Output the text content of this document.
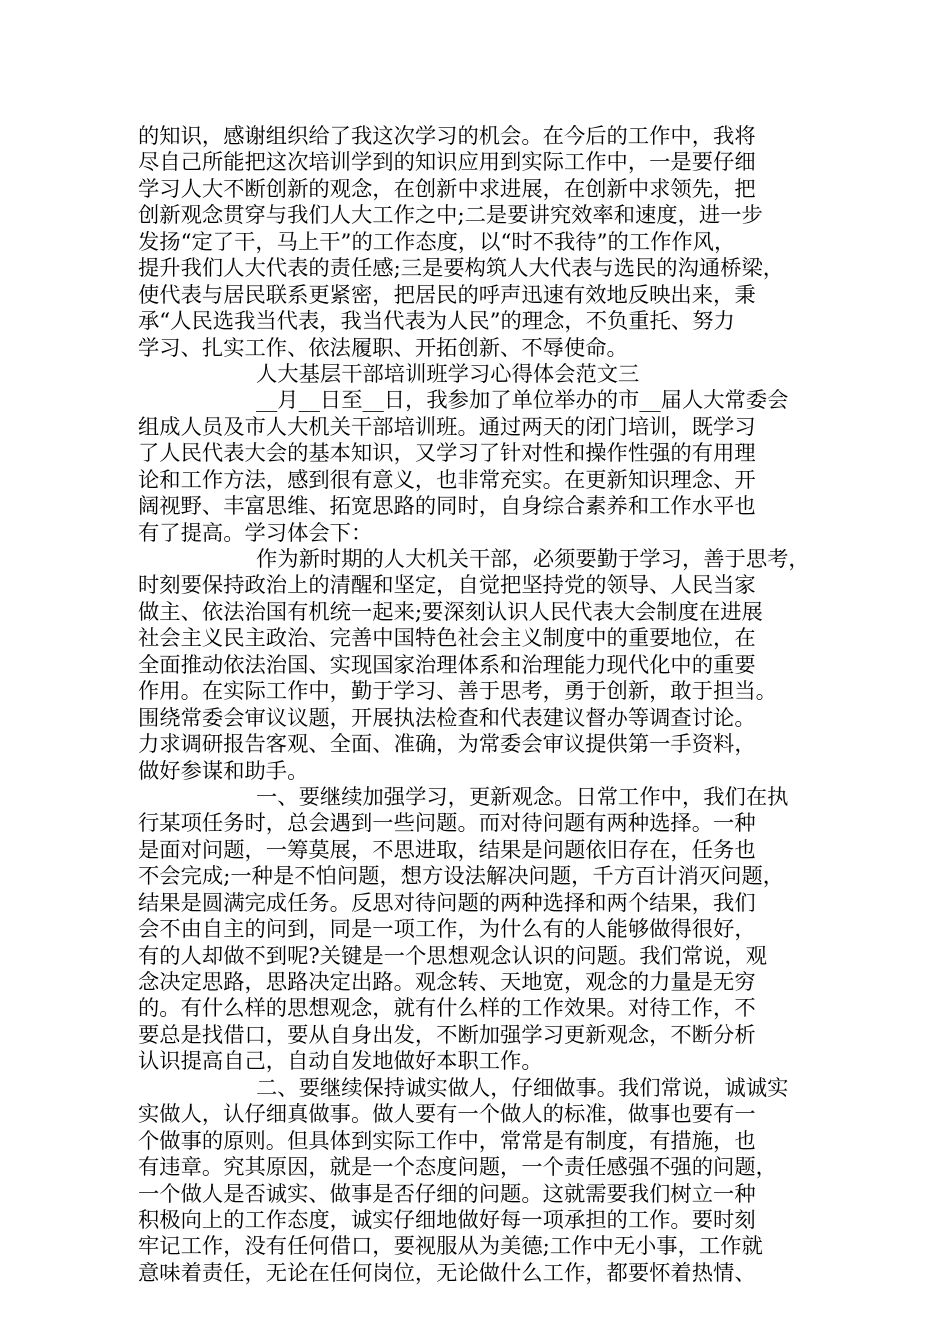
的知识，感谢组织给了我这次学习的机会。在今后的工作中，我将
尽自己所能把这次培训学到的知识应用到实际工作中，一是要仔细
学习人大不断创新的观念，在创新中求进展，在创新中求领先，把
创新观念贯穿与我们人大工作之中;二是要讲究效率和速度，进一步
发扬“定了干，马上干”的工作态度，以“时不我待”的工作作风，
提升我们人大代表的责任感;三是要构筑人大代表与选民的沟通桥梁，
使代表与居民联系更紧密，把居民的呼声迅速有效地反映出来，秉
承“人民选我当代表，我当代表为人民”的理念，不负重托、努力
学习、扎实工作、依法履职、开拓创新、不辱使命。
人大基层干部培训班学习心得体会范文三
__月__日至__日，我参加了单位举办的市__届人大常委会
组成人员及市人大机关干部培训班。通过两天的闭门培训，既学习
了人民代表大会的基本知识，又学习了针对性和操作性强的有用理
论和工作方法，感到很有意义，也非常充实。在更新知识理念、开
阔视野、丰富思维、拓宽思路的同时，自身综合素养和工作水平也
有了提高。学习体会下：
作为新时期的人大机关干部，必须要勤于学习，善于思考，
时刻要保持政治上的清醒和坚定，自觉把坚持党的领导、人民当家
做主、依法治国有机统一起来;要深刻认识人民代表大会制度在进展
社会主义民主政治、完善中国特色社会主义制度中的重要地位，在
全面推动依法治国、实现国家治理体系和治理能力现代化中的重要
作用。在实际工作中，勤于学习、善于思考，勇于创新，敢于担当。
围绕常委会审议议题，开展执法检查和代表建议督办等调查讨论。
力求调研报告客观、全面、准确，为常委会审议提供第一手资料，
做好参谋和助手。
一、要继续加强学习，更新观念。日常工作中，我们在执
行某项任务时，总会遇到一些问题。而对待问题有两种选择。一种
是面对问题，一筹莫展，不思进取，结果是问题依旧存在，任务也
不会完成;一种是不怕问题，想方设法解决问题，千方百计消灭问题，
结果是圆满完成任务。反思对待问题的两种选择和两个结果，我们
会不由自主的问到，同是一项工作，为什么有的人能够做得很好，
有的人却做不到呢?关键是一个思想观念认识的问题。我们常说，观
念决定思路，思路决定出路。观念转、天地宽，观念的力量是无穷
的。有什么样的思想观念，就有什么样的工作效果。对待工作，不
要总是找借口，要从自身出发，不断加强学习更新观念，不断分析
认识提高自己，自动自发地做好本职工作。
二、要继续保持诚实做人，仔细做事。我们常说，诚诚实
实做人，认仔细真做事。做人要有一个做人的标准，做事也要有一
个做事的原则。但具体到实际工作中，常常是有制度，有措施，也
有违章。究其原因，就是一个态度问题，一个责任感强不强的问题，
一个做人是否诚实、做事是否仔细的问题。这就需要我们树立一种
积极向上的工作态度，诚实仔细地做好每一项承担的工作。要时刻
牢记工作，没有任何借口，要视服从为美德;工作中无小事，工作就
意味着责任，无论在任何岗位，无论做什么工作，都要怀着热情、
